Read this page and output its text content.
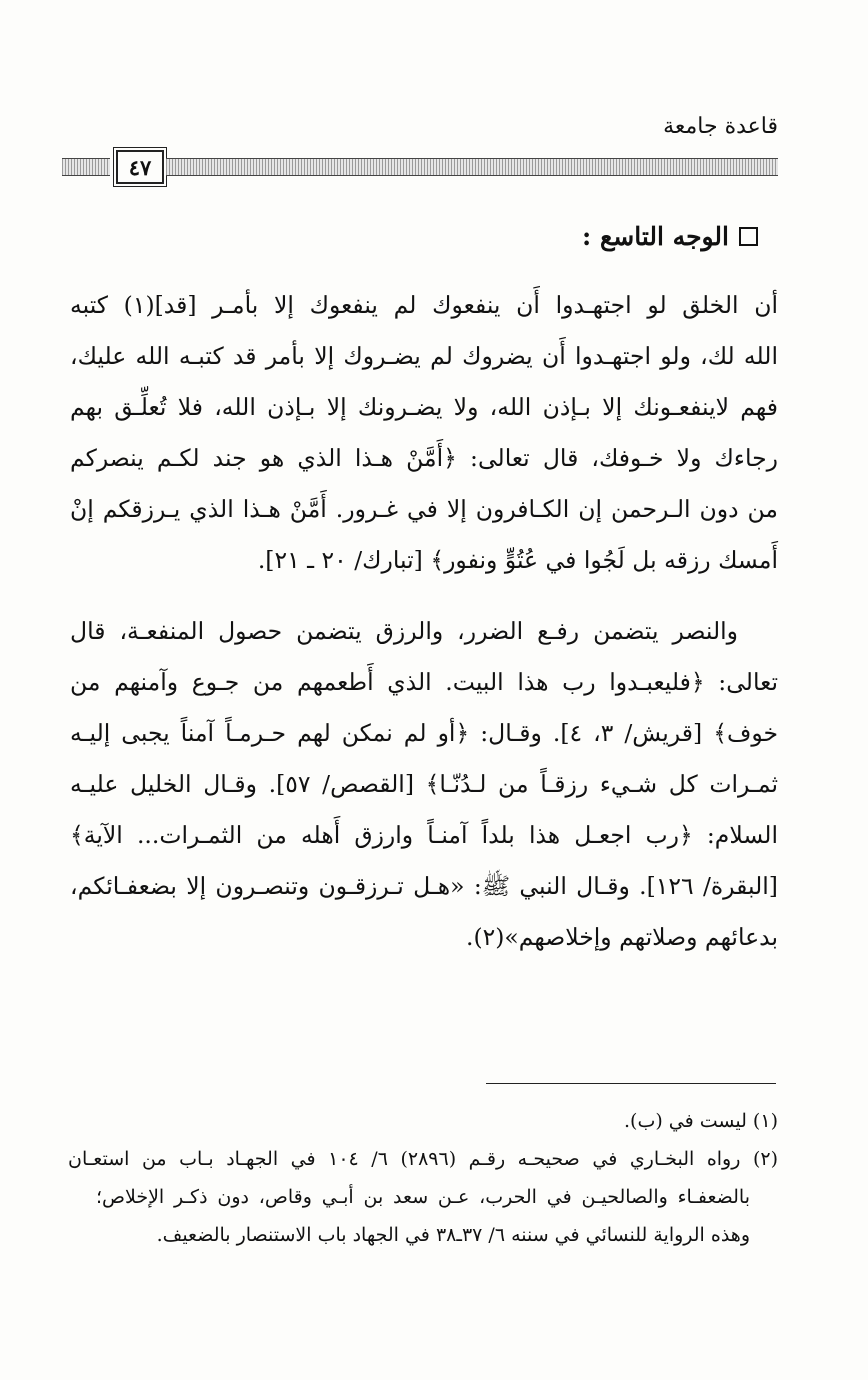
قاعدة جامعة
٤٧
الوجه التاسع :
أن الخلق لو اجتهـدوا أَن ينفعوك لم ينفعوك إلا بأمـر [قد](١) كتبه
الله لك، ولو اجتهـدوا أَن يضروك لم يضـروك إلا بأمر قد كتبـه الله عليك،
فهم لاينفعـونك إلا بـإذن الله، ولا يضـرونك إلا بـإذن الله، فلا تُعلِّـق بهم
رجاءك ولا خـوفك، قال تعالى: ﴿أَمَّنْ هـذا الذي هو جند لكـم ينصركم
من دون الـرحمن إن الكـافرون إلا في غـرور. أَمَّنْ هـذا الذي يـرزقكم إنْ
أَمسك رزقه بل لَجُوا في عُتُوٍّ ونفور﴾ [تبارك/ ٢٠ ـ ٢١].
والنصر يتضمن رفـع الضرر، والرزق يتضمن حصول المنفعـة، قال
تعالى: ﴿فليعبـدوا رب هذا البيت. الذي أَطعمهم من جـوع وآمنهم من
خوف﴾ [قريش/ ٣، ٤]. وقـال: ﴿أو لم نمكن لهم حـرمـاً آمناً يجبى إليـه
ثمـرات كل شـيء رزقـاً من لـدُنّـا﴾ [القصص/ ٥٧]. وقـال الخليل عليـه
السلام: ﴿رب اجعـل هذا بلداً آمنـاً وارزق أَهله من الثمـرات... الآية﴾
[البقرة/ ١٢٦]. وقـال النبي ﷺ: «هـل تـرزقـون وتنصـرون إلا بضعفـائكم،
بدعائهم وصلاتهم وإخلاصهم»(٢).
(١) ليست في (ب).
(٢) رواه البخـاري في صحيحـه رقـم (٢٨٩٦) ٦/ ١٠٤ في الجهـاد بـاب من استعـان
بالضعفـاء والصالحيـن في الحرب، عـن سعد بن أبـي وقاص، دون ذكـر الإخلاص؛
وهذه الرواية للنسائي في سننه ٦/ ٣٧ـ٣٨ في الجهاد باب الاستنصار بالضعيف.
